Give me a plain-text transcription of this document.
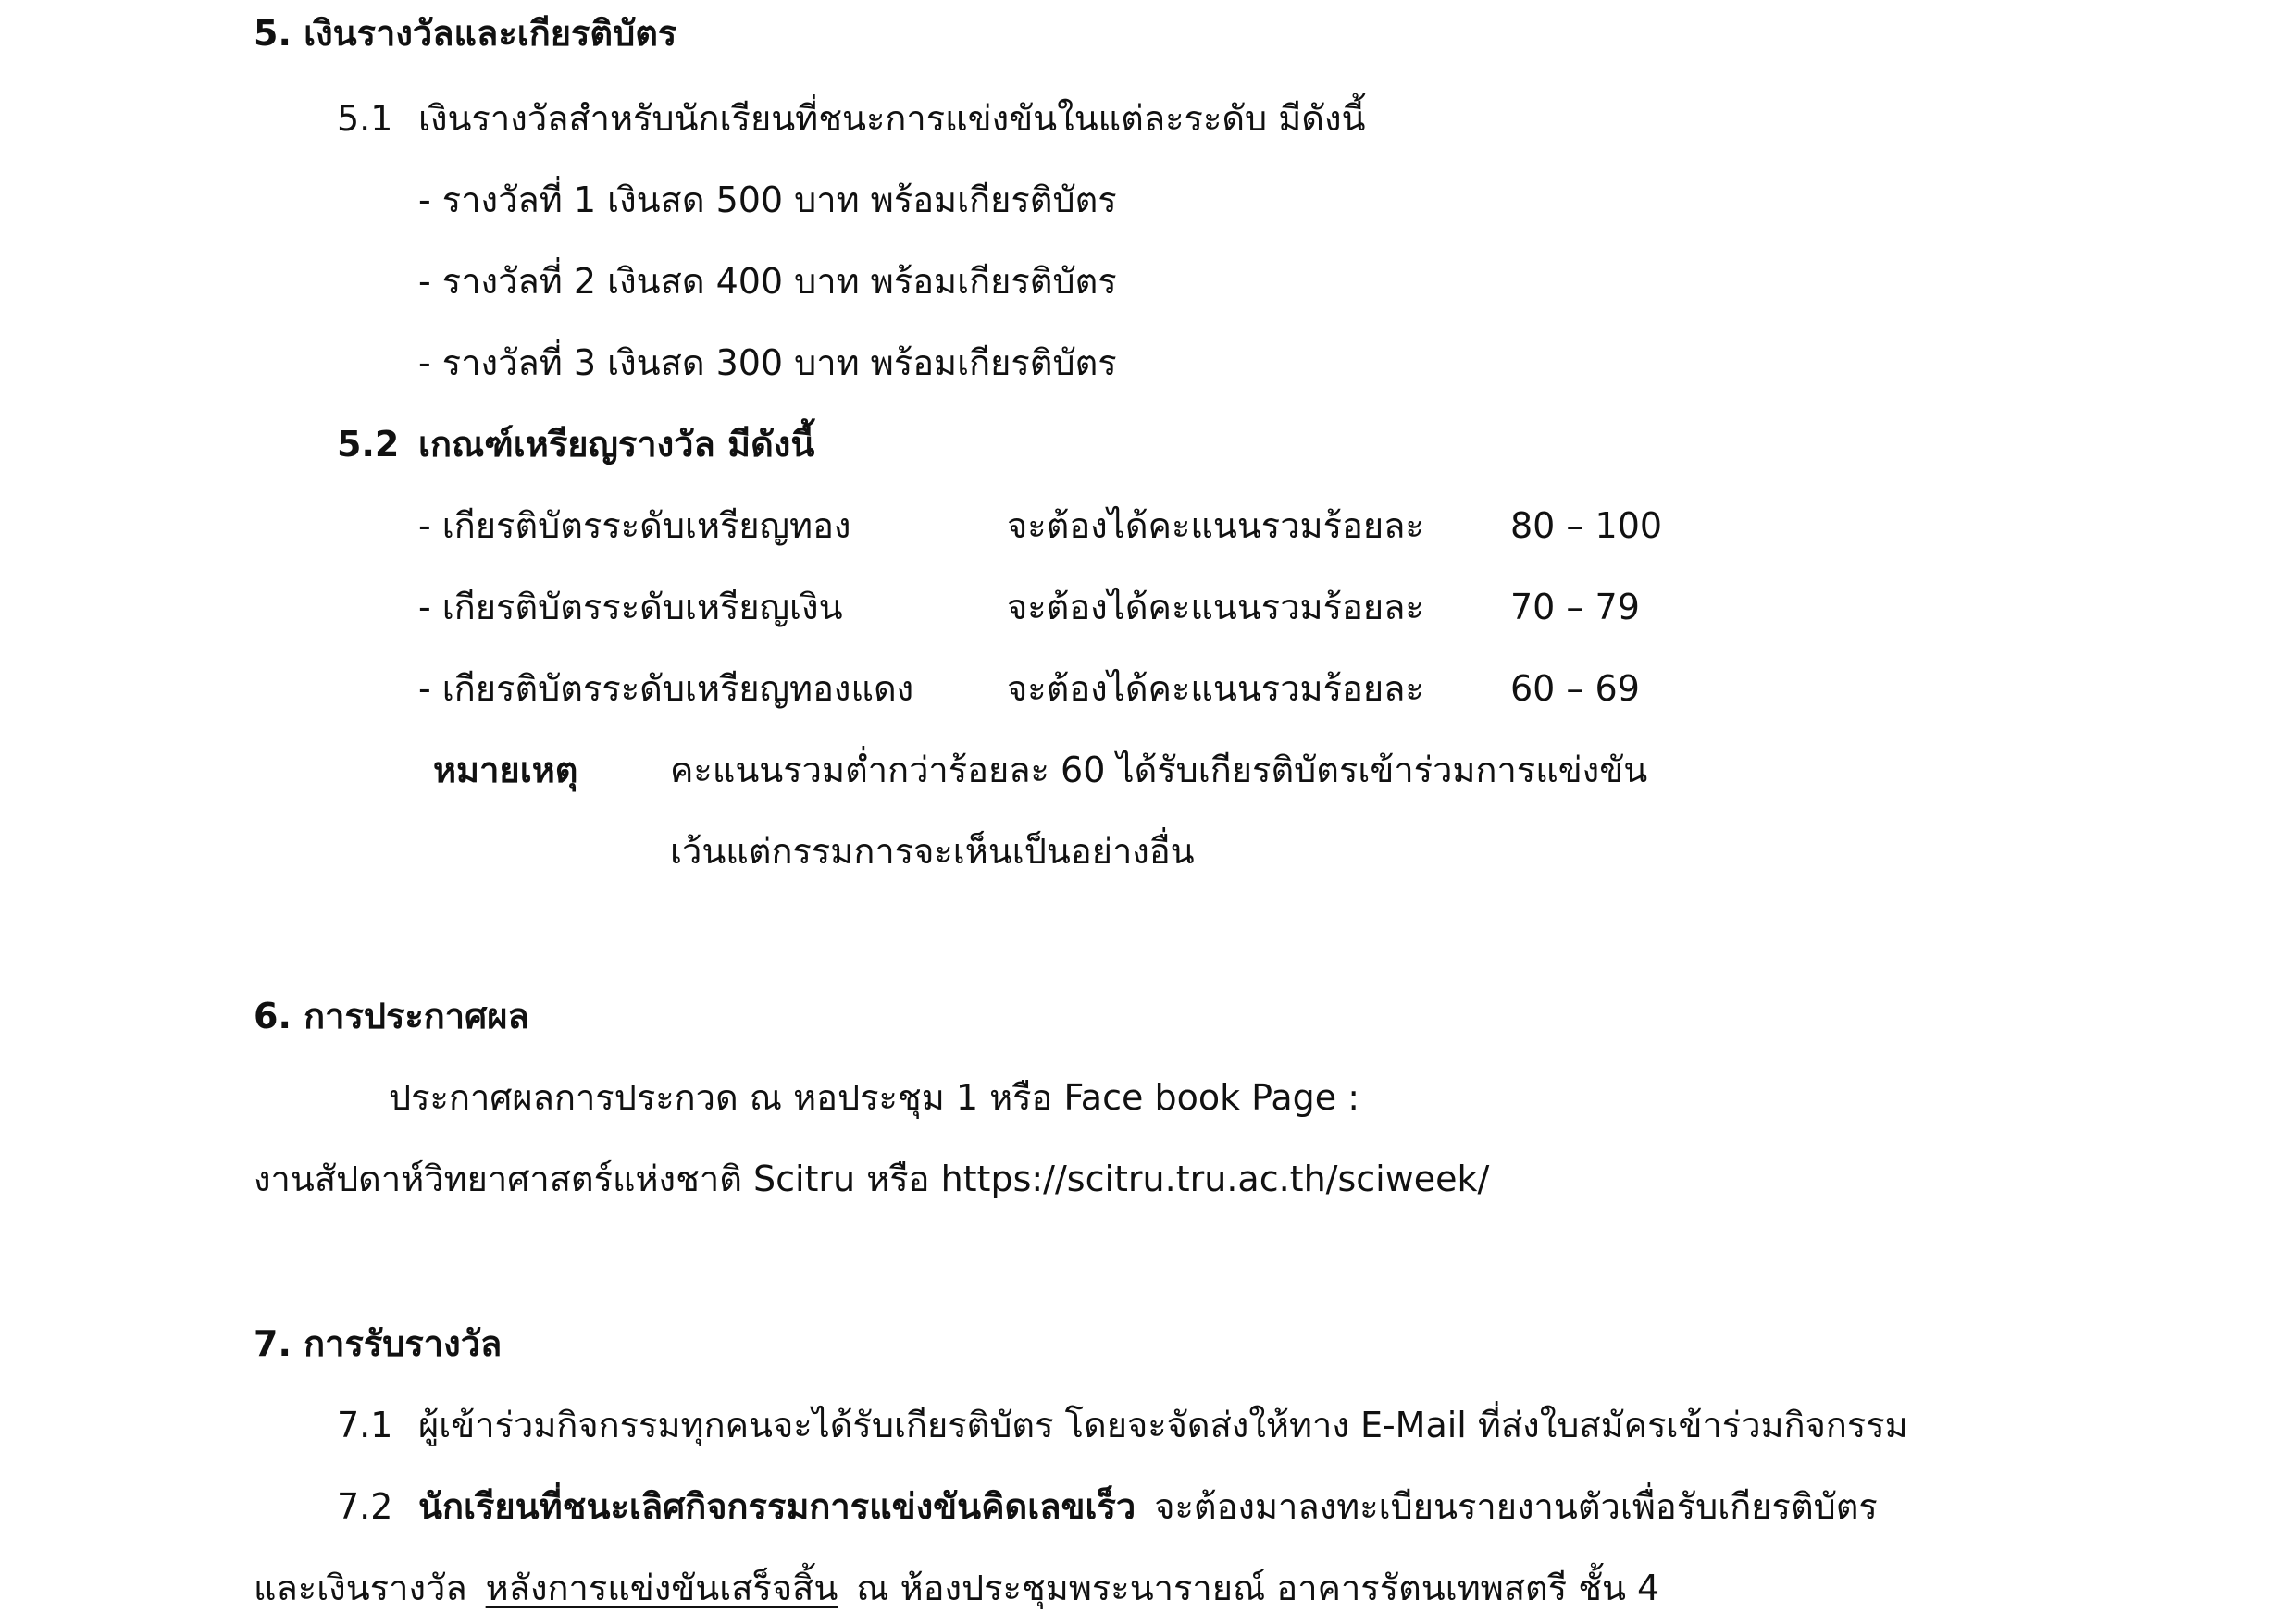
5. เงินรางวัลและเกียรติบัตร
5.1 เงินรางวัลสำหรับนักเรียนที่ชนะการแข่งขันในแต่ละระดับ มีดังนี้
- รางวัลที่ 1 เงินสด 500 บาท พร้อมเกียรติบัตร
- รางวัลที่ 2 เงินสด 400 บาท พร้อมเกียรติบัตร
- รางวัลที่ 3 เงินสด 300 บาท พร้อมเกียรติบัตร
5.2 เกณฑ์เหรียญรางวัล มีดังนี้
- เกียรติบัตรระดับเหรียญทอง	จะต้องได้คะแนนรวมร้อยละ 80 – 100
- เกียรติบัตรระดับเหรียญเงิน	จะต้องได้คะแนนรวมร้อยละ 70 – 79
- เกียรติบัตรระดับเหรียญทองแดง	จะต้องได้คะแนนรวมร้อยละ 60 – 69
หมายเหตุ	คะแนนรวมต่ำกว่าร้อยละ 60 ได้รับเกียรติบัตรเข้าร่วมการแข่งขัน
เว้นแต่กรรมการจะเห็นเป็นอย่างอื่น
6. การประกาศผล
ประกาศผลการประกวด ณ หอประชุม 1 หรือ Face book Page :
งานสัปดาห์วิทยาศาสตร์แห่งชาติ Scitru หรือ https://scitru.tru.ac.th/sciweek/
7. การรับรางวัล
7.1 ผู้เข้าร่วมกิจกรรมทุกคนจะได้รับเกียรติบัตร โดยจะจัดส่งให้ทาง E-Mail ที่ส่งใบสมัครเข้าร่วมกิจกรรม
7.2 นักเรียนที่ชนะเลิศกิจกรรมการแข่งขันคิดเลขเร็ว จะต้องมาลงทะเบียนรายงานตัวเพื่อรับเกียรติบัตร
และเงินรางวัล หลังการแข่งขันเสร็จสิ้น ณ ห้องประชุมพระนารายณ์ อาคารรัตนเทพสตรี ชั้น 4
